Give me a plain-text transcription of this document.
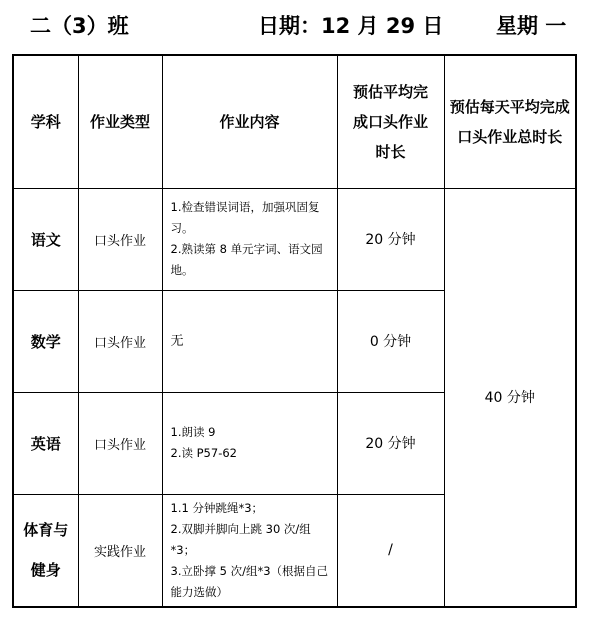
二（3）班	日期：12 月 29 日	星期 一
学科	作业类型	作业内容	预估平均完
成口头作业
时长	预估每天平均完成
口头作业总时长

语文	口头作业	1.检查错误词语，加强巩固复习。
2.熟读第 8 单元字词、语文园地。	20 分钟	40 分钟
数学	口头作业	无	0 分钟	
英语	口头作业	1.朗读 9
2.读 P57-62	20 分钟	

体育与
健身	实践作业	1.1 分钟跳绳*3；
2.双脚并脚向上跳 30 次/组*3；
3.立卧撑 5 次/组*3（根据自己能力选做）	/	
